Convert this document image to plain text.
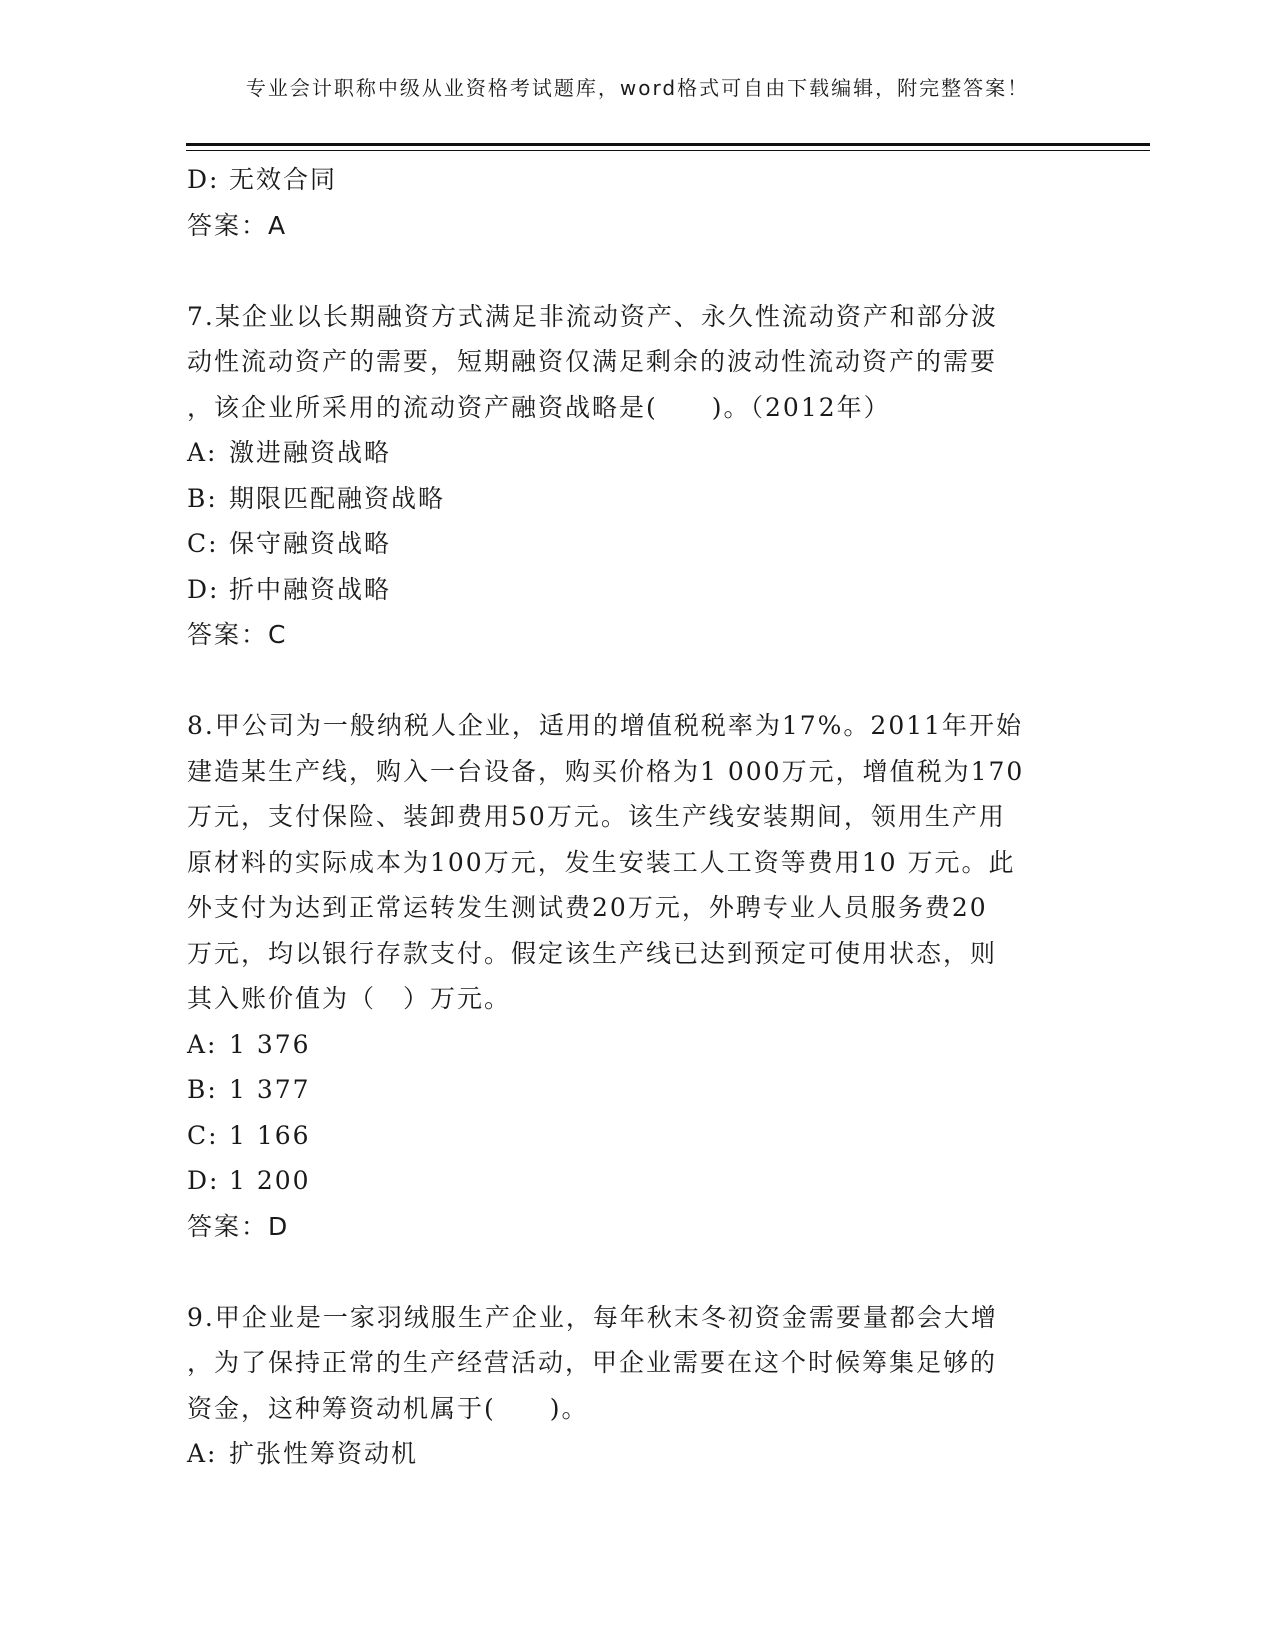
专业会计职称中级从业资格考试题库，word格式可自由下载编辑，附完整答案！
D: 无效合同
答案：A
7.某企业以长期融资方式满足非流动资产、永久性流动资产和部分波
动性流动资产的需要，短期融资仅满足剩余的波动性流动资产的需要
，该企业所采用的流动资产融资战略是(　　)。（2012年）
A: 激进融资战略
B: 期限匹配融资战略
C: 保守融资战略
D: 折中融资战略
答案：C
8.甲公司为一般纳税人企业，适用的增值税税率为17%。2011年开始
建造某生产线，购入一台设备，购买价格为1 000万元，增值税为170
万元，支付保险、装卸费用50万元。该生产线安装期间，领用生产用
原材料的实际成本为100万元，发生安装工人工资等费用10 万元。此
外支付为达到正常运转发生测试费20万元，外聘专业人员服务费20
万元，均以银行存款支付。假定该生产线已达到预定可使用状态，则
其入账价值为（　）万元。
A: 1 376
B: 1 377
C: 1 166
D: 1 200
答案：D
9.甲企业是一家羽绒服生产企业，每年秋末冬初资金需要量都会大增
，为了保持正常的生产经营活动，甲企业需要在这个时候筹集足够的
资金，这种筹资动机属于(　　)。
A: 扩张性筹资动机
